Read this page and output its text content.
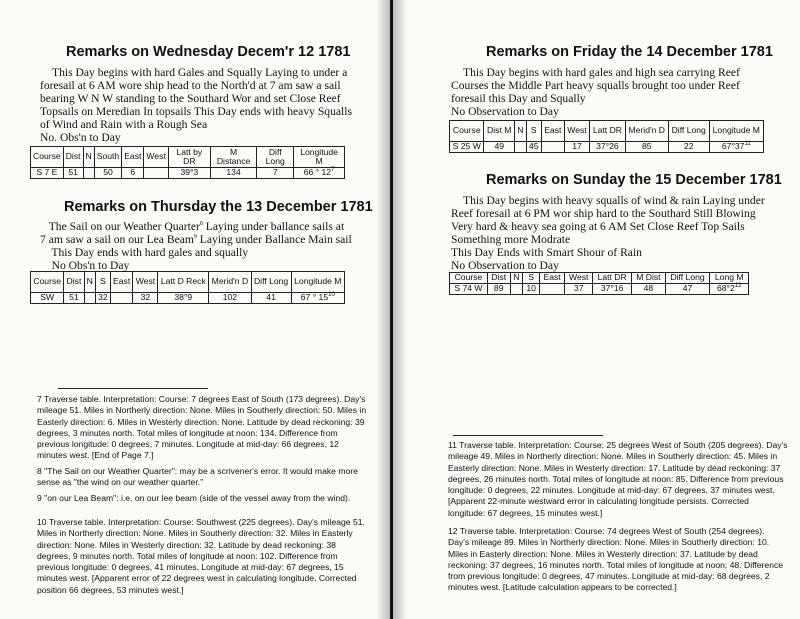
Remarks on Wednesday Decem'r 12 1781
This Day begins with hard Gales and Squally Laying to under a
foresail at 6 AM wore ship head to the North'd at 7 am saw a sail
bearing W N W standing to the Southard Wor and set Close Reef
Topsails on Meredian In topsails This Day ends with heavy Squalls
of Wind and Rain with a Rough Sea
No. Obs'n to Day
Course	Dist	N	South	East	West	Latt by DR	M Distance	Diff Long	Longitude M
S 7 E	51		50	6		39°3	134	7	66 ° $12^7$
Remarks on Thursday the 13 December 1781
The Sail on our Weather Quarter$^8$ Laying under ballance sails at
7 am saw a sail on our Lea Beam$^9$ Laying under Ballance Main sail
This Day ends with hard gales and squally
No Obs'n to Day
Course	Dist	N	S	East	West	Latt D Reck	Merid'n D	Diff Long	Longitude M
SW	51		32		32	38°9	102	41	67 ° $15^{10}$
7 Traverse table. Interpretation: Course: 7 degrees East of South (173 degrees). Day's mileage 51. Miles in Northerly direction: None. Miles in Southerly direction: 50. Miles in Easterly direction: 6. Miles in Westerly direction: None. Latitude by dead reckoning: 39 degrees, 3 minutes north. Total miles of longitude at noon: 134. Difference from previous longitude: 0 degrees, 7 minutes. Longitude at mid-day: 66 degrees, 12 minutes west. [End of Page 7.]
8 "The Sail on our Weather Quarter": may be a scrivener's error. It would make more sense as "the wind on our weather quarter."
9 "on our Lea Beam": i.e. on our lee beam (side of the vessel away from the wind).
10 Traverse table. Interpretation: Course: Southwest (225 degrees). Day's mileage 51. Miles in Northerly direction: None. Miles in Southerly direction: 32. Miles in Easterly direction: None. Miles in Westerly direction: 32. Latitude by dead reckoning: 38 degrees, 9 minutes north. Total miles of longitude at noon: 102. Difference from previous longitude: 0 degrees, 41 minutes. Longitude at mid-day: 67 degrees, 15 minutes west. [Apparent error of 22 degrees west in calculating longitude. Corrected position 66 degrees, 53 minutes west.]
Remarks on Friday the 14 December 1781
This Day begins with hard gales and high sea carrying Reef
Courses the Middle Part heavy squalls brought too under Reef
foresail this Day and Squally
No Observation to Day
Course	Dist M	N	S	East	West	Latt DR	Merid'n D	Diff Long	Longitude M
S 25 W	49		45		17	37°26	85	22	$67^\circ 37^{11}$
Remarks on Sunday the 15 December 1781
This Day begins with heavy squalls of wind & rain Laying under
Reef foresail at 6 PM wor ship hard to the Southard Still Blowing
Very hard & heavy sea going at 6 AM Set Close Reef Top Sails
Something more Modrate
This Day Ends with Smart Shour of Rain
No Observation to Day
Course	Dist	N	S	East	West	Latt DR	M Dist	Diff Long	Long M
S 74 W	89		10		37	37°16	48	47	$68^\circ 2^{12}$
11 Traverse table. Interpretation: Course: 25 degrees West of South (205 degrees). Day's mileage 49. Miles in Northerly direction: None. Miles in Southerly direction: 45. Miles in Easterly direction: None. Miles in Westerly direction: 17. Latitude by dead reckoning: 37 degrees, 26 minutes north. Total miles of longitude at noon: 85. Difference from previous longitude: 0 degrees, 22 minutes. Longitude at mid-day: 67 degrees, 37 minutes west. [Apparent 22-minute westward error in calculating longitude persists. Corrected longitude: 67 degrees, 15 minutes west.]
12 Traverse table. Interpretation: Course: 74 degrees West of South (254 degrees). Day's mileage 89. Miles in Northerly direction: None. Miles in Southerly direction: 10. Miles in Easterly direction: None. Miles in Westerly direction: 37. Latitude by dead reckoning: 37 degrees, 16 minutes north. Total miles of longitude at noon: 48. Difference from previous longitude: 0 degrees, 47 minutes. Longitude at mid-day: 68 degrees, 2 minutes west. [Latitude calculation appears to be corrected.]
